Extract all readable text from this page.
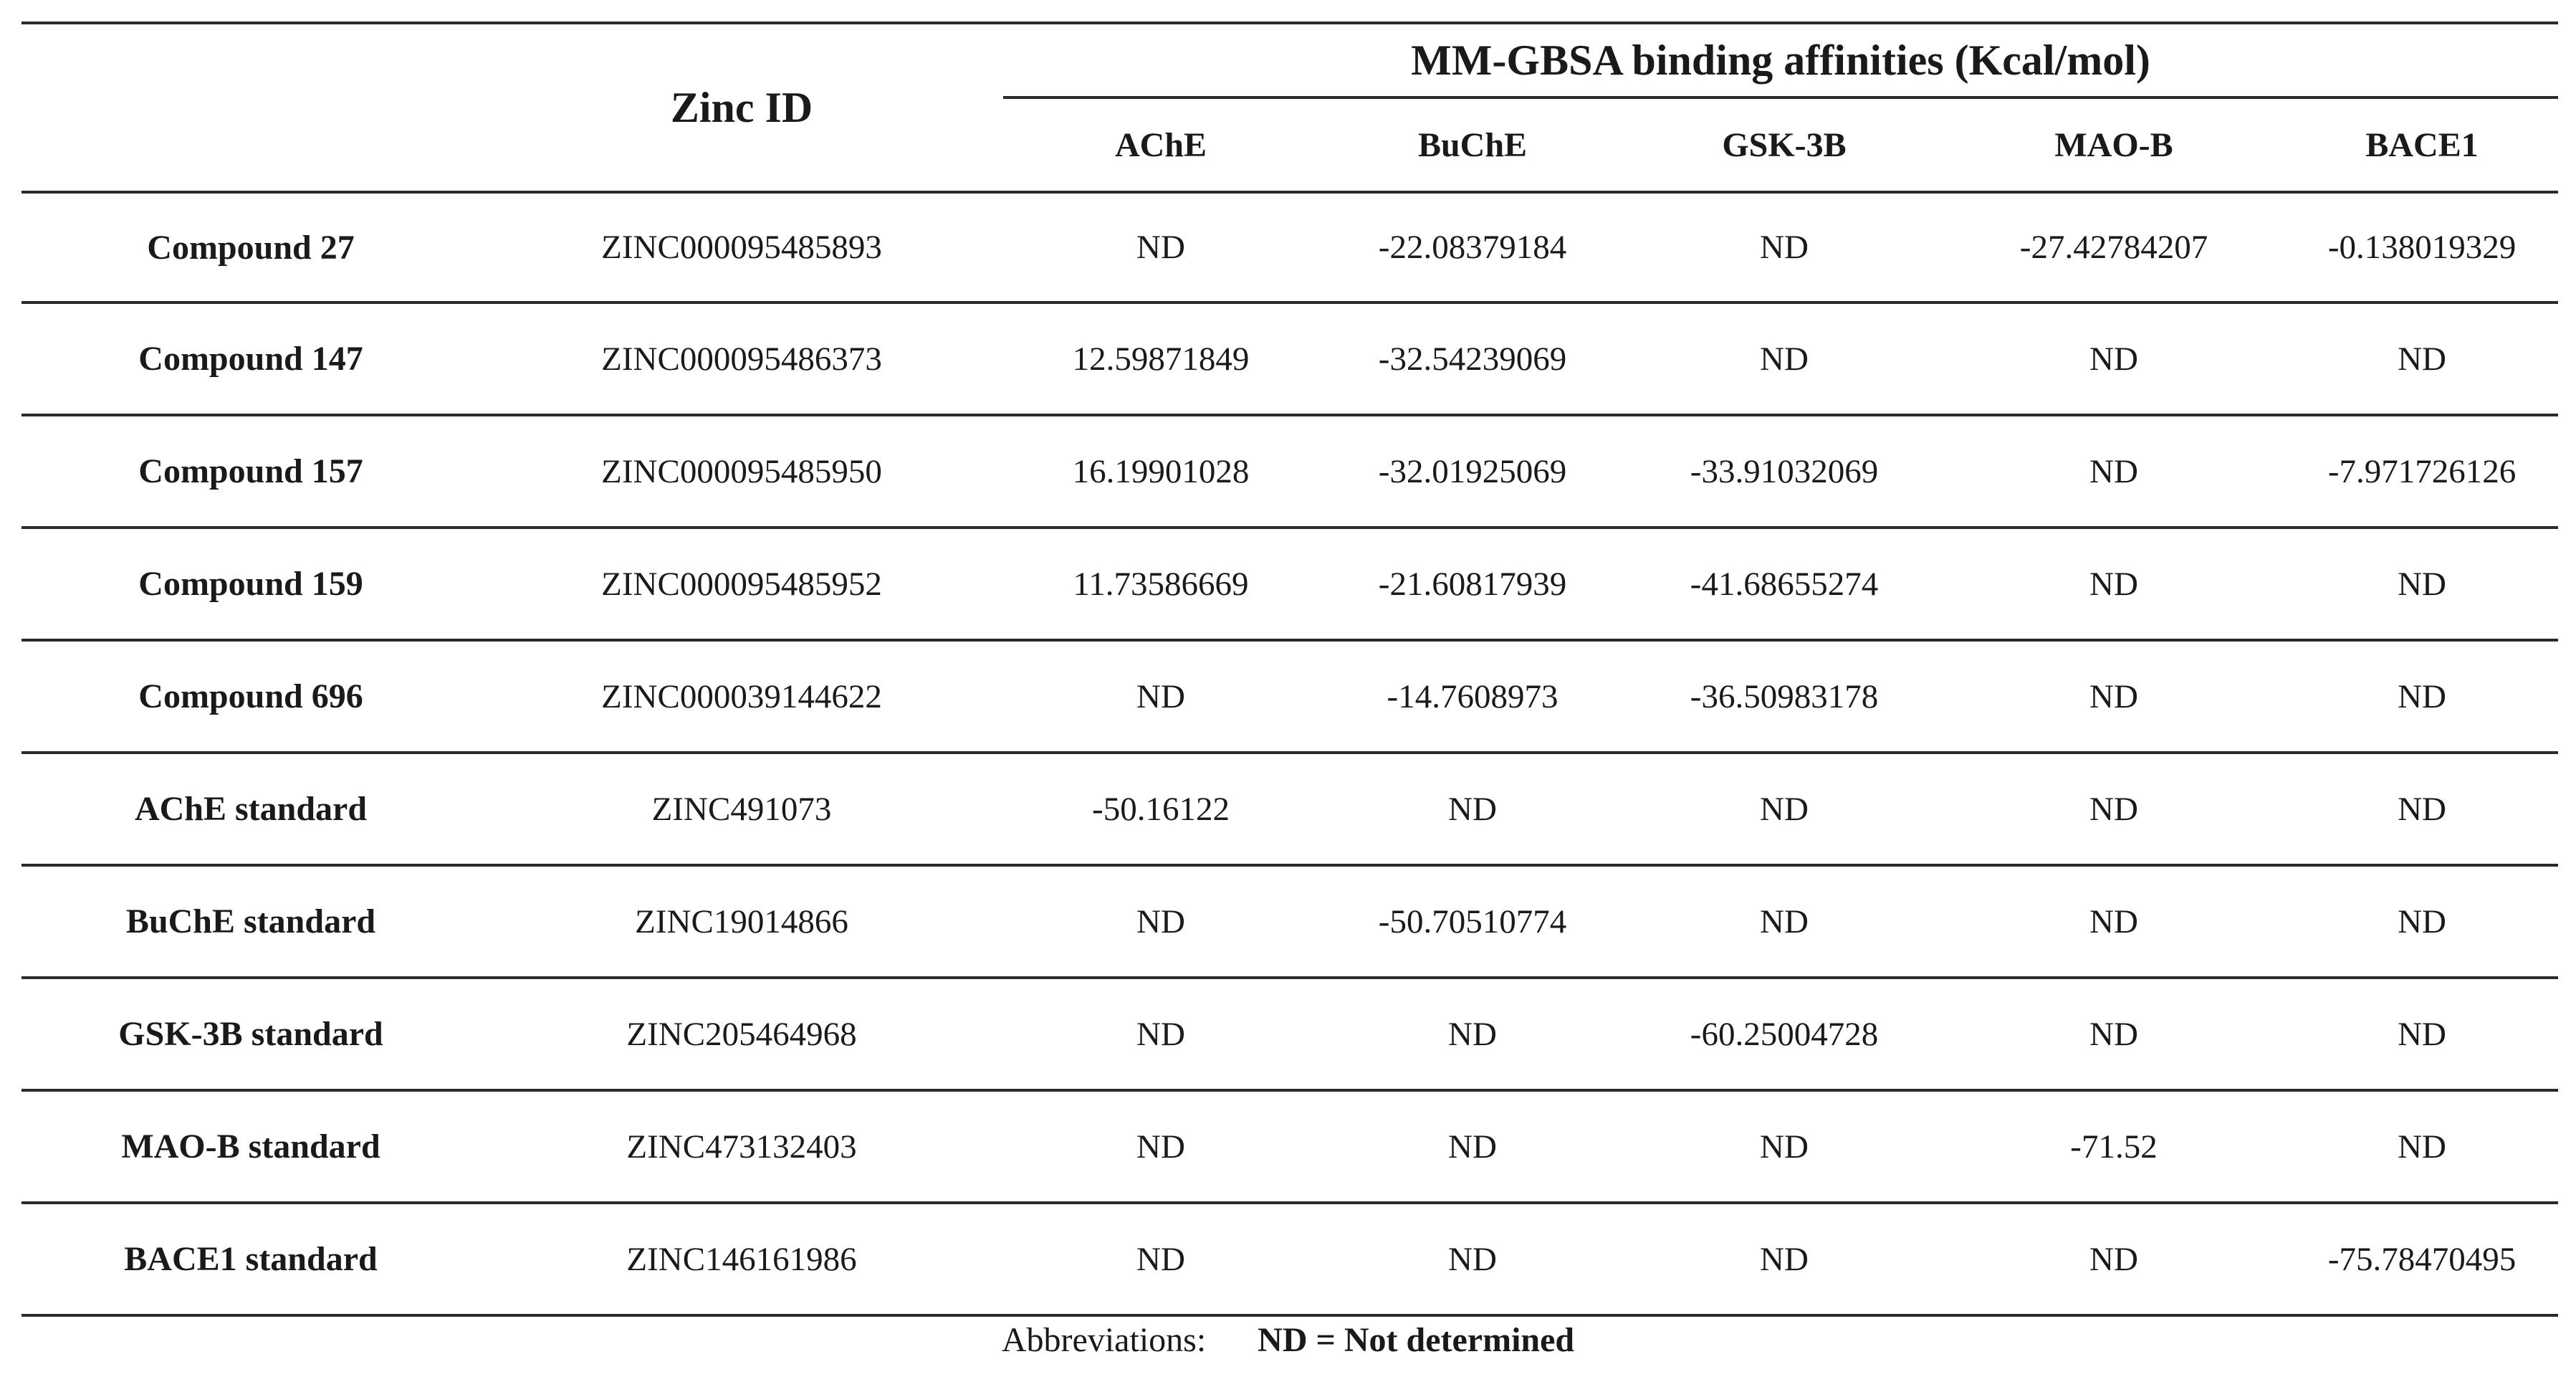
	Zinc ID	MM-GBSA binding affinities (Kcal/mol)				
		AChE	BuChE	GSK-3B	MAO-B	BACE1
Compound 27	ZINC000095485893	ND	-22.08379184	ND	-27.42784207	-0.138019329
Compound 147	ZINC000095486373	12.59871849	-32.54239069	ND	ND	ND
Compound 157	ZINC000095485950	16.19901028	-32.01925069	-33.91032069	ND	-7.971726126
Compound 159	ZINC000095485952	11.73586669	-21.60817939	-41.68655274	ND	ND
Compound 696	ZINC000039144622	ND	-14.7608973	-36.50983178	ND	ND
AChE standard	ZINC491073	-50.16122	ND	ND	ND	ND
BuChE standard	ZINC19014866	ND	-50.70510774	ND	ND	ND
GSK-3B standard	ZINC205464968	ND	ND	-60.25004728	ND	ND
MAO-B standard	ZINC473132403	ND	ND	ND	-71.52	ND
BACE1 standard	ZINC146161986	ND	ND	ND	ND	-75.78470495
Abbreviations: ND = Not determined
